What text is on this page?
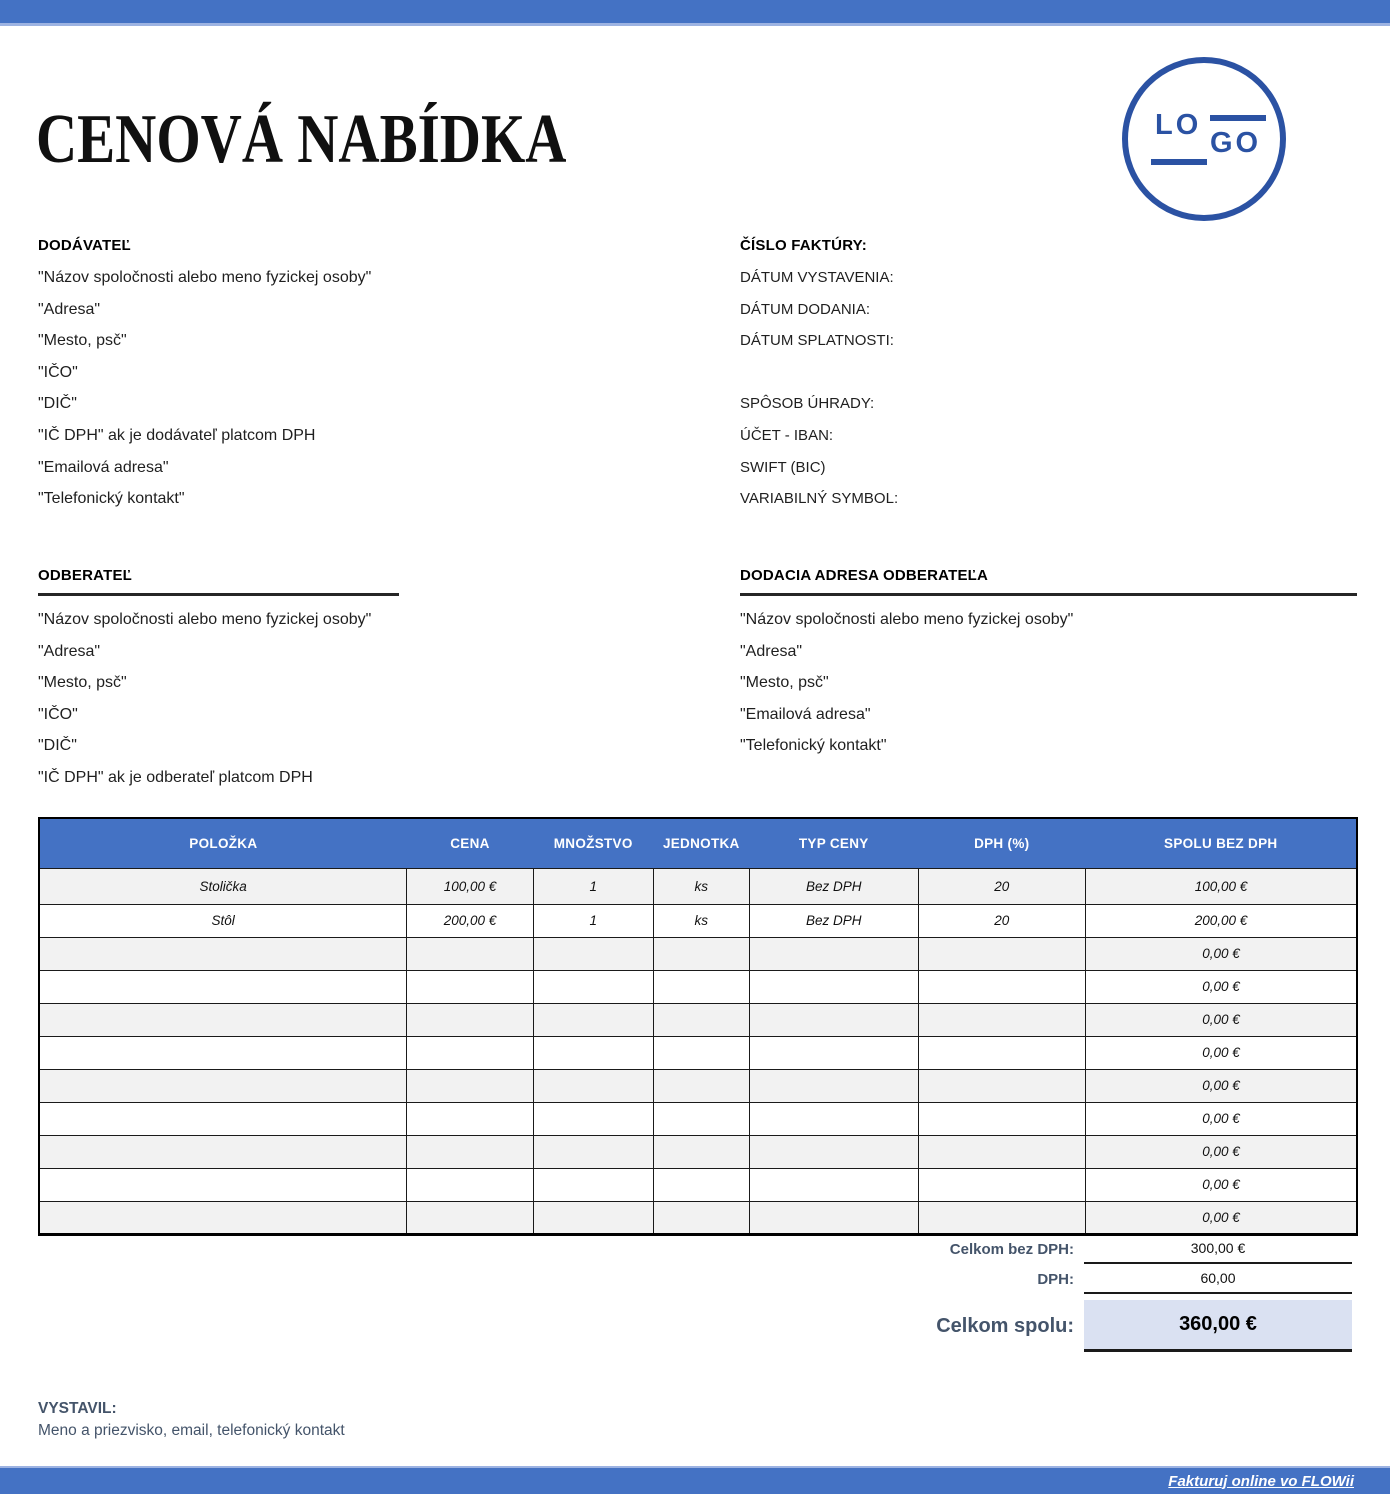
CENOVÁ NABÍDKA	LO
GO
DODÁVATEĽ
"Názov spoločnosti alebo meno fyzickej osoby"
"Adresa"
"Mesto, psč"
"IČO"
"DIČ"
"IČ DPH" ak je dodávateľ platcom DPH
"Emailová adresa"
"Telefonický kontakt"
ČÍSLO FAKTÚRY:
DÁTUM VYSTAVENIA:
DÁTUM DODANIA:
DÁTUM SPLATNOSTI:
SPÔSOB ÚHRADY:
ÚČET - IBAN:
SWIFT (BIC)
VARIABILNÝ SYMBOL:
ODBERATEĽ
"Názov spoločnosti alebo meno fyzickej osoby"
"Adresa"
"Mesto, psč"
"IČO"
"DIČ"
"IČ DPH" ak je odberateľ platcom DPH
DODACIA ADRESA ODBERATEĽA
"Názov spoločnosti alebo meno fyzickej osoby"
"Adresa"
"Mesto, psč"
"Emailová adresa"
"Telefonický kontakt"
POLOŽKA	CENA	MNOŽSTVO	JEDNOTKA	TYP CENY	DPH (%)	SPOLU BEZ DPH
Stolička	100,00 €	1	ks	Bez DPH	20	100,00 €
Stôl	200,00 €	1	ks	Bez DPH	20	200,00 €
						0,00 €
						0,00 €
						0,00 €
						0,00 €
						0,00 €
						0,00 €
						0,00 €
						0,00 €
						0,00 €
Celkom bez DPH:	300,00 €
DPH:	60,00
Celkom spolu:	360,00 €
VYSTAVIL:

Meno a priezvisko, email, telefonický kontakt

Fakturuj online vo FLOWii
